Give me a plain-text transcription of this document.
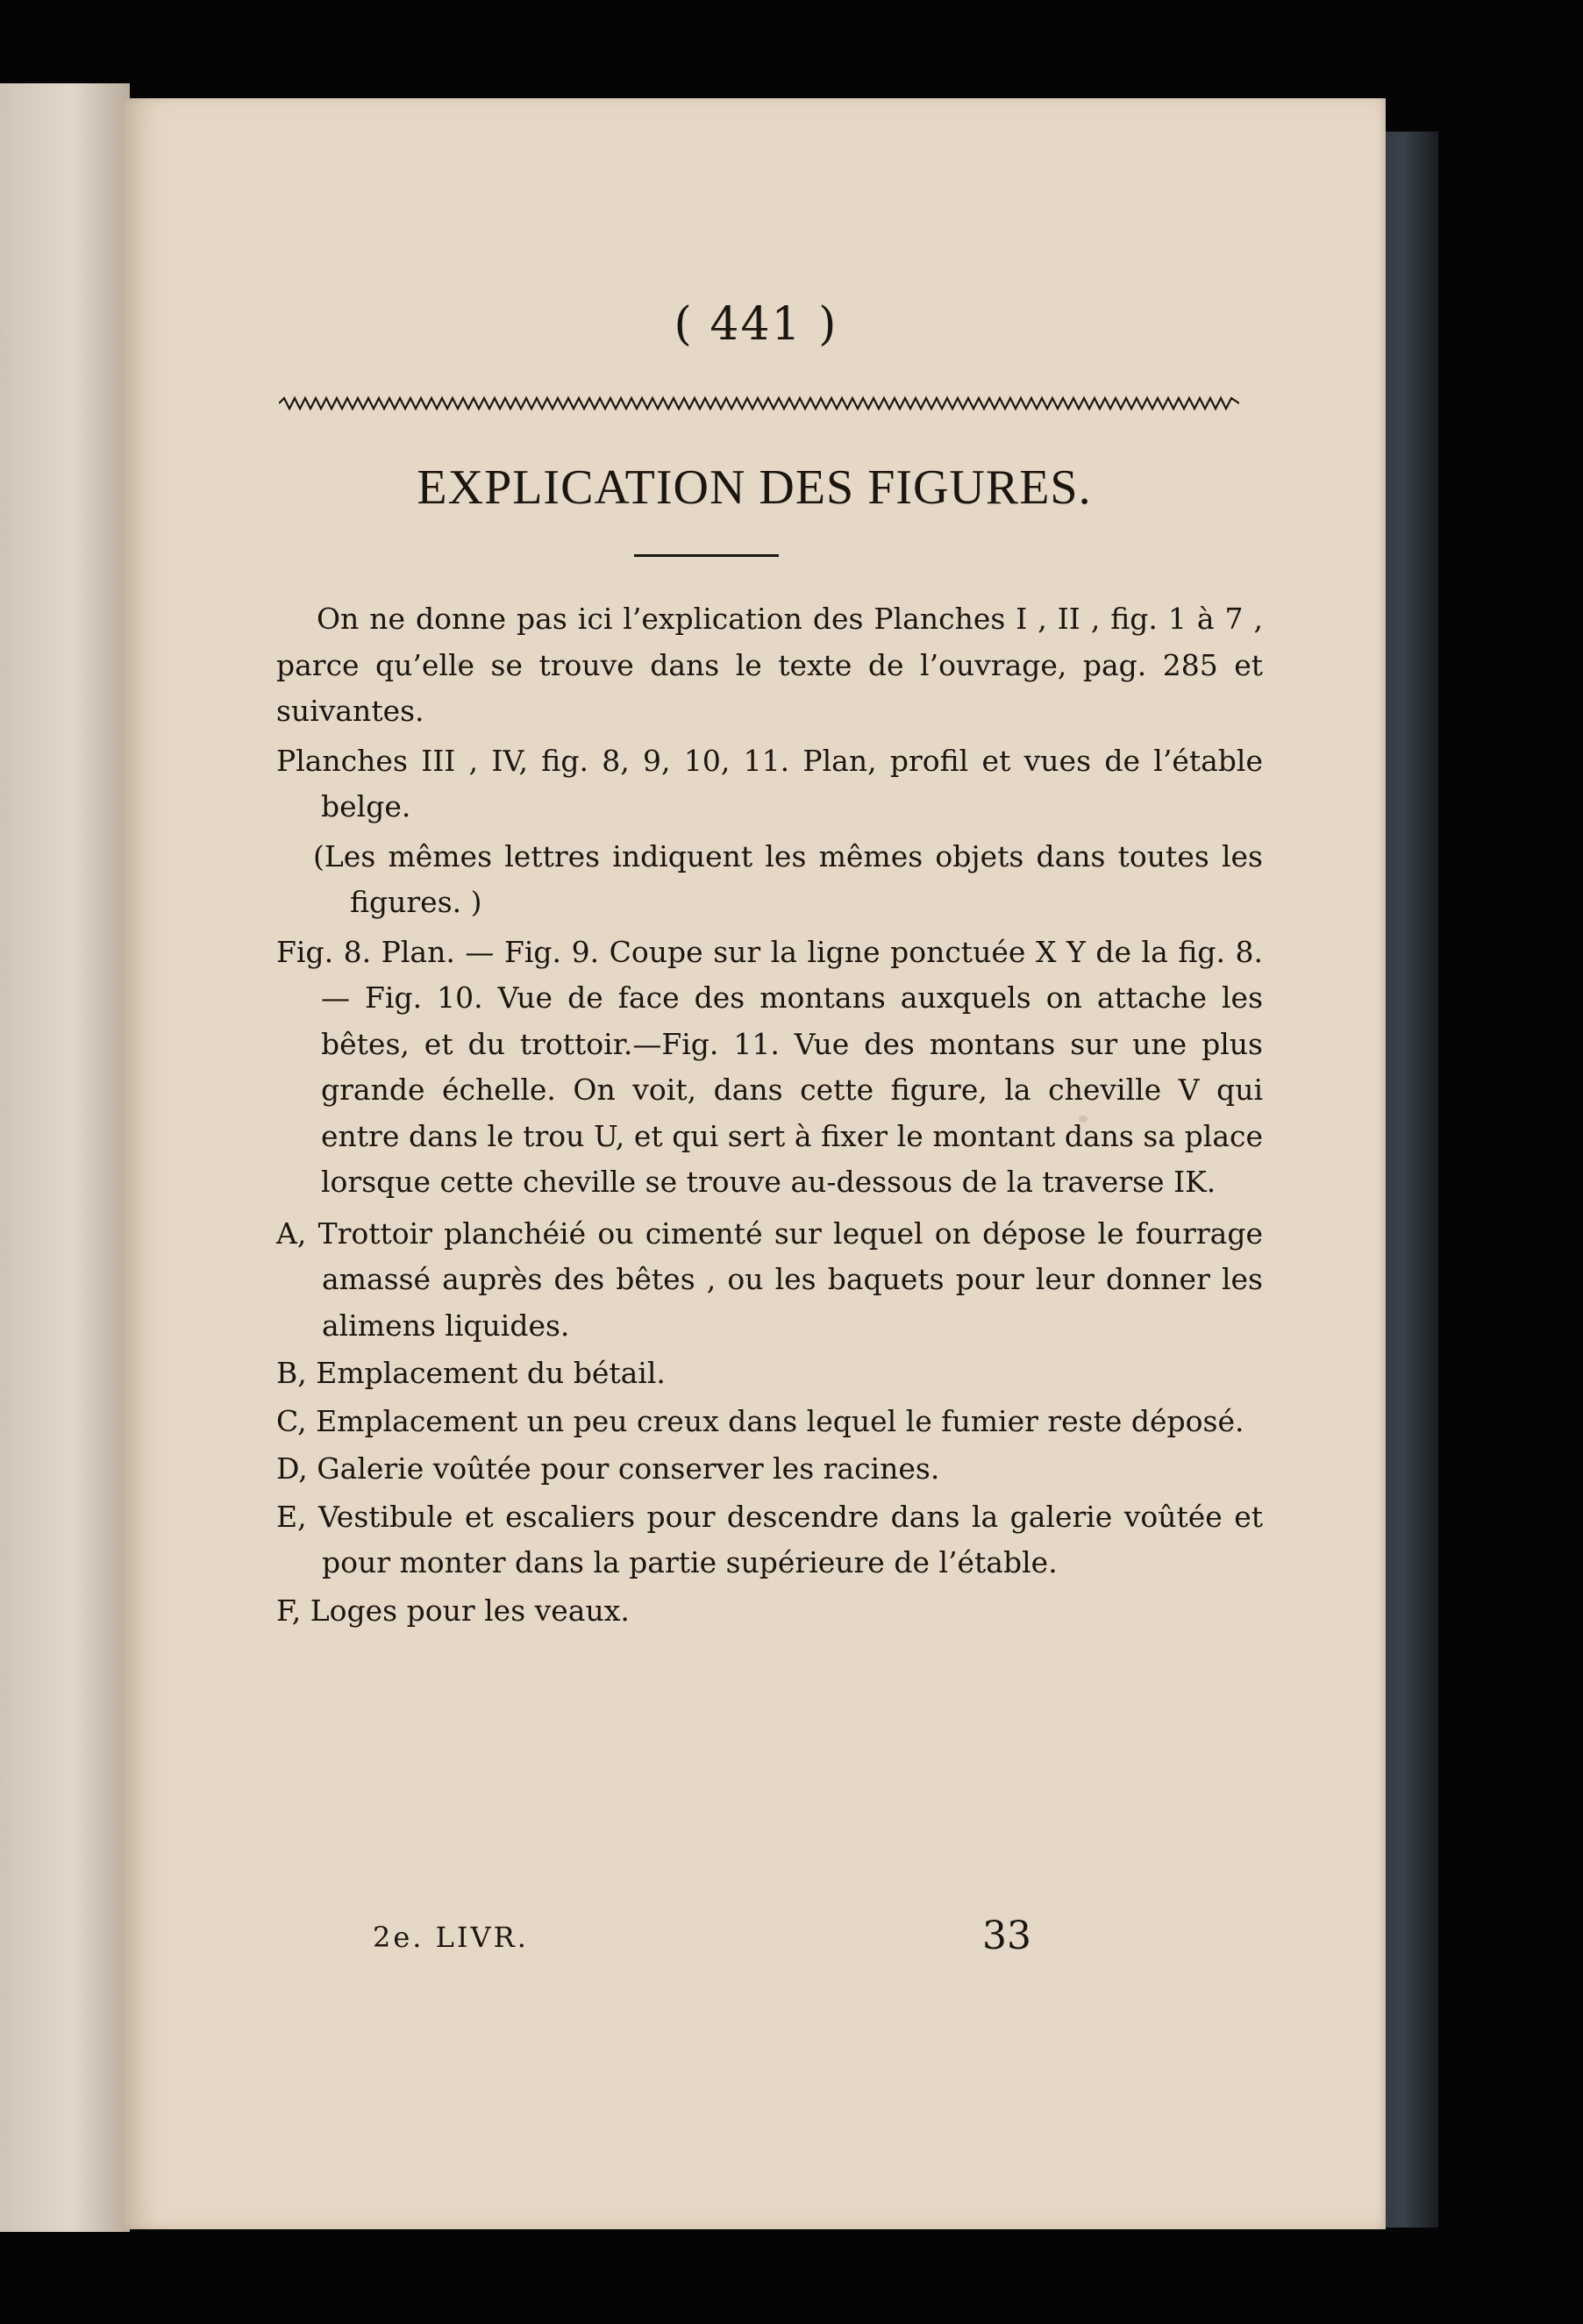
( 441 )
EXPLICATION DES FIGURES.

On ne donne pas ici l’explication des Planches I , II , fig. 1 à 7 , parce qu’elle se trouve dans le texte de l’ouvrage, pag. 285 et suivantes.

Planches III , IV, fig. 8, 9, 10, 11. Plan, profil et vues de l’étable belge.

(Les mêmes lettres indiquent les mêmes objets dans toutes les figures. )

Fig. 8. Plan. — Fig. 9. Coupe sur la ligne ponctuée X Y de la fig. 8. — Fig. 10. Vue de face des montans auxquels on attache les bêtes, et du trottoir.—Fig. 11. Vue des montans sur une plus grande échelle. On voit, dans cette figure, la cheville V qui entre dans le trou U, et qui sert à fixer le montant dans sa place lorsque cette cheville se trouve au-dessous de la traverse IK.

A, Trottoir planchéié ou cimenté sur lequel on dépose le fourrage amassé auprès des bêtes , ou les baquets pour leur donner les alimens liquides.

B, Emplacement du bétail.

C, Emplacement un peu creux dans lequel le fumier reste déposé.

D, Galerie voûtée pour conserver les racines.

E, Vestibule et escaliers pour descendre dans la galerie voûtée et pour monter dans la partie supérieure de l’étable.

F, Loges pour les veaux.

2e. LIVR.	33
